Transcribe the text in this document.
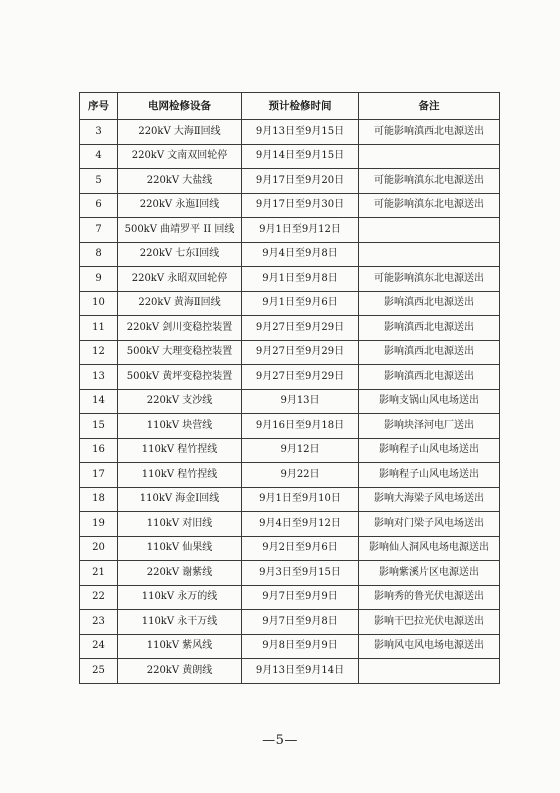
序号	电网检修设备	预计检修时间	备注
3	220kV 大海Ⅱ回线	9月13日至9月15日	可能影响滇西北电源送出
4	220kV 文南双回轮停	9月14日至9月15日	
5	220kV 大盐线	9月17日至9月20日	可能影响滇东北电源送出
6	220kV 永迤Ⅰ回线	9月17日至9月30日	可能影响滇东北电源送出
7	500kV 曲靖罗平 II 回线	9月1日至9月12日	
8	220kV 七东Ⅰ回线	9月4日至9月8日	
9	220kV 永昭双回轮停	9月1日至9月8日	可能影响滇东北电源送出
10	220kV 黄海Ⅱ回线	9月1日至9月6日	影响滇西北电源送出
11	220kV 剑川变稳控装置	9月27日至9月29日	影响滇西北电源送出
12	500kV 大理变稳控装置	9月27日至9月29日	影响滇西北电源送出
13	500kV 黄坪变稳控装置	9月27日至9月29日	影响滇西北电源送出
14	220kV 支沙线	9月13日	影响支锅山风电场送出
15	110kV 块营线	9月16日至9月18日	影响块泽河电厂送出
16	110kV 程竹捏线	9月12日	影响程子山风电场送出
17	110kV 程竹捏线	9月22日	影响程子山风电场送出
18	110kV 海金Ⅰ回线	9月1日至9月10日	影响大海梁子风电场送出
19	110kV 对旧线	9月4日至9月12日	影响对门梁子风电场送出
20	110kV 仙果线	9月2日至9月6日	影响仙人洞风电场电源送出
21	220kV 谢紫线	9月3日至9月15日	影响紫溪片区电源送出
22	110kV 永万的线	9月7日至9月9日	影响秀的鲁光伏电源送出
23	110kV 永干万线	9月7日至9月8日	影响干巴拉光伏电源送出
24	110kV 紫风线	9月8日至9月9日	影响风屯风电场电源送出
25	220kV 黄朗线	9月13日至9月14日	
—5—
